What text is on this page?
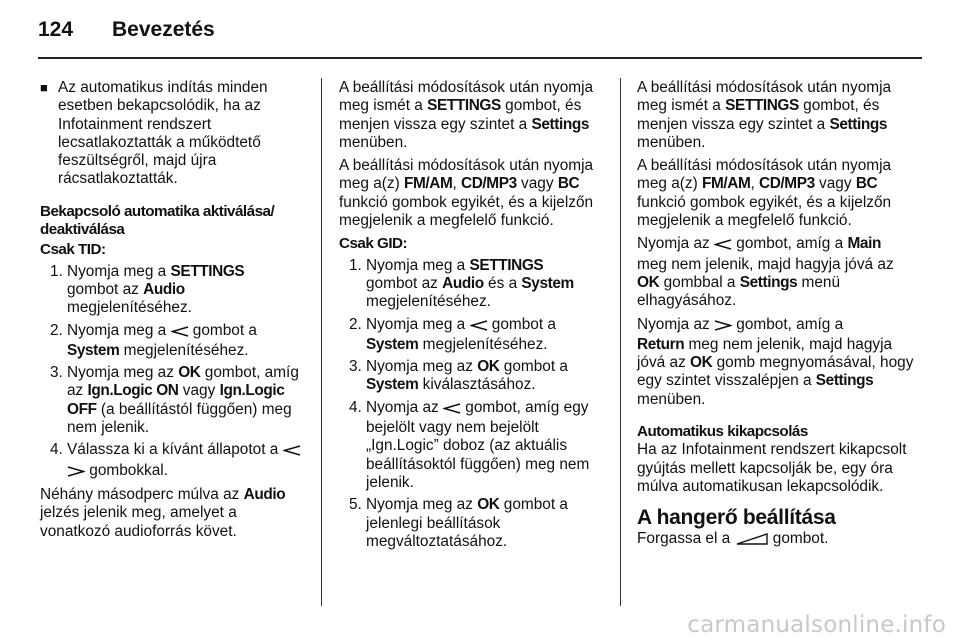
124 Bevezetés
■ Az automatikus indítás minden esetben bekapcsolódik, ha az Infotainment rendszert lecsatlakoztatták a működtető feszültségről, majd újra rácsatlakoztatták.
Bekapcsoló automatika aktiválása/ deaktiválása
Csak TID:
1. Nyomja meg a SETTINGS
gombot az Audio
megjelenítéséhez.
2. Nyomja meg a  gombot a System megjelenítéséhez.
3. Nyomja meg az OK gombot, amíg az Ign.Logic ON vagy Ign.Logic OFF (a beállítástól függően) meg nem jelenik.
4. Válassza ki a kívánt állapotot a   gombokkal.
Néhány másodperc múlva az Audio jelzés jelenik meg, amelyet a vonatkozó audioforrás követ.
A beállítási módosítások után nyomja meg ismét a SETTINGS gombot, és menjen vissza egy szintet a Settings menüben.
A beállítási módosítások után nyomja meg a(z) FM/AM, CD/MP3 vagy BC funkció gombok egyikét, és a kijelzőn megjelenik a megfelelő funkció.
Csak GID:
1. Nyomja meg a SETTINGS
gombot az Audio és a System
megjelenítéséhez.
2. Nyomja meg a  gombot a System megjelenítéséhez.
3. Nyomja meg az OK gombot a System kiválasztásához.
4. Nyomja az  gombot, amíg egy bejelölt vagy nem bejelölt „Ign.Logic” doboz (az aktuális beállításoktól függően) meg nem jelenik.
5. Nyomja meg az OK gombot a jelenlegi beállítások megváltoztatásához.
A beállítási módosítások után nyomja meg ismét a SETTINGS gombot, és menjen vissza egy szintet a Settings menüben.
A beállítási módosítások után nyomja meg a(z) FM/AM, CD/MP3 vagy BC funkció gombok egyikét, és a kijelzőn megjelenik a megfelelő funkció.
Nyomja az  gombot, amíg a Main meg nem jelenik, majd hagyja jóvá az OK gombbal a Settings menü elhagyásához.
Nyomja az  gombot, amíg a
Return meg nem jelenik, majd hagyja jóvá az OK gomb megnyomásával, hogy egy szintet visszalépjen a Settings menüben.
Automatikus kikapcsolás
Ha az Infotainment rendszert kikapcsolt gyújtás mellett kapcsolják be, egy óra múlva automatikusan lekapcsolódik.
A hangerő beállítása
Forgassa el a  gombot.
carmanualsonline.info
